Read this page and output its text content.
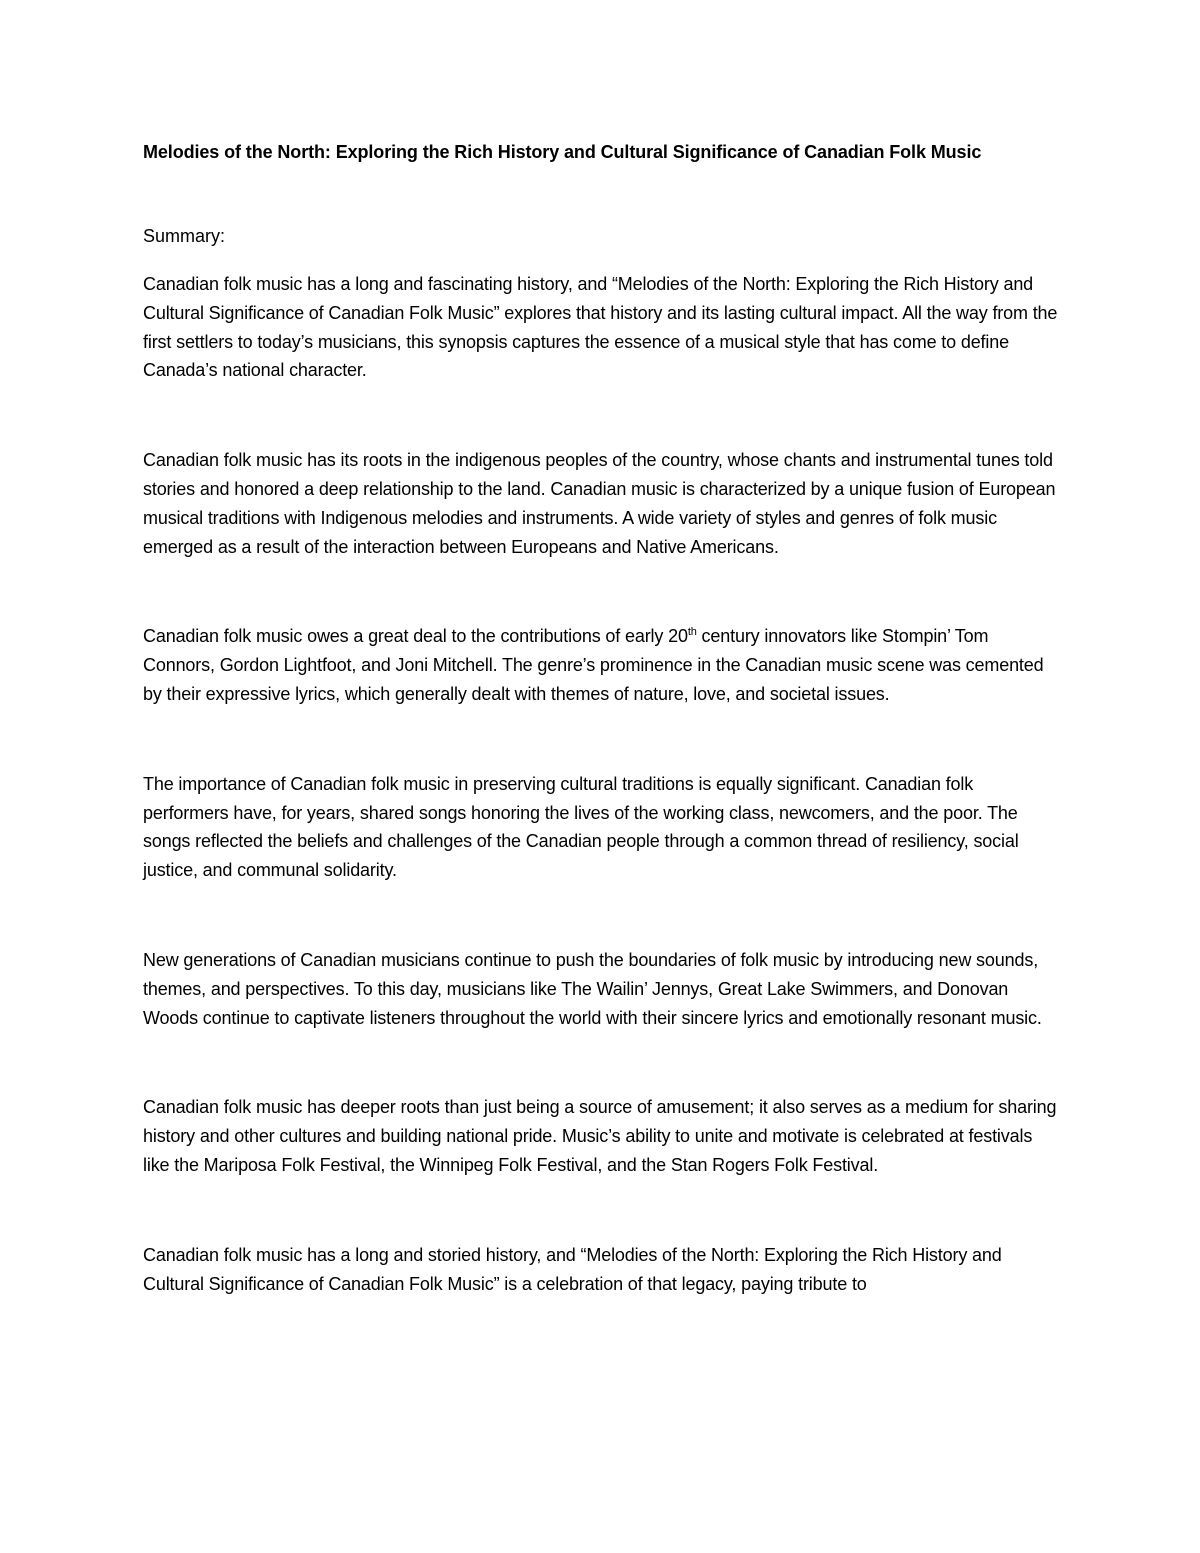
Melodies of the North: Exploring the Rich History and Cultural Significance of Canadian Folk Music

Summary:

Canadian folk music has a long and fascinating history, and “Melodies of the North: Exploring the Rich History and Cultural Significance of Canadian Folk Music” explores that history and its lasting cultural impact. All the way from the first settlers to today’s musicians, this synopsis captures the essence of a musical style that has come to define Canada’s national character.

Canadian folk music has its roots in the indigenous peoples of the country, whose chants and instrumental tunes told stories and honored a deep relationship to the land. Canadian music is characterized by a unique fusion of European musical traditions with Indigenous melodies and instruments. A wide variety of styles and genres of folk music emerged as a result of the interaction between Europeans and Native Americans.

Canadian folk music owes a great deal to the contributions of early 20th century innovators like Stompin’ Tom Connors, Gordon Lightfoot, and Joni Mitchell. The genre’s prominence in the Canadian music scene was cemented by their expressive lyrics, which generally dealt with themes of nature, love, and societal issues.

The importance of Canadian folk music in preserving cultural traditions is equally significant. Canadian folk performers have, for years, shared songs honoring the lives of the working class, newcomers, and the poor. The songs reflected the beliefs and challenges of the Canadian people through a common thread of resiliency, social justice, and communal solidarity.

New generations of Canadian musicians continue to push the boundaries of folk music by introducing new sounds, themes, and perspectives. To this day, musicians like The Wailin’ Jennys, Great Lake Swimmers, and Donovan Woods continue to captivate listeners throughout the world with their sincere lyrics and emotionally resonant music.

Canadian folk music has deeper roots than just being a source of amusement; it also serves as a medium for sharing history and other cultures and building national pride. Music’s ability to unite and motivate is celebrated at festivals like the Mariposa Folk Festival, the Winnipeg Folk Festival, and the Stan Rogers Folk Festival.

Canadian folk music has a long and storied history, and “Melodies of the North: Exploring the Rich History and Cultural Significance of Canadian Folk Music” is a celebration of that legacy, paying tribute to
